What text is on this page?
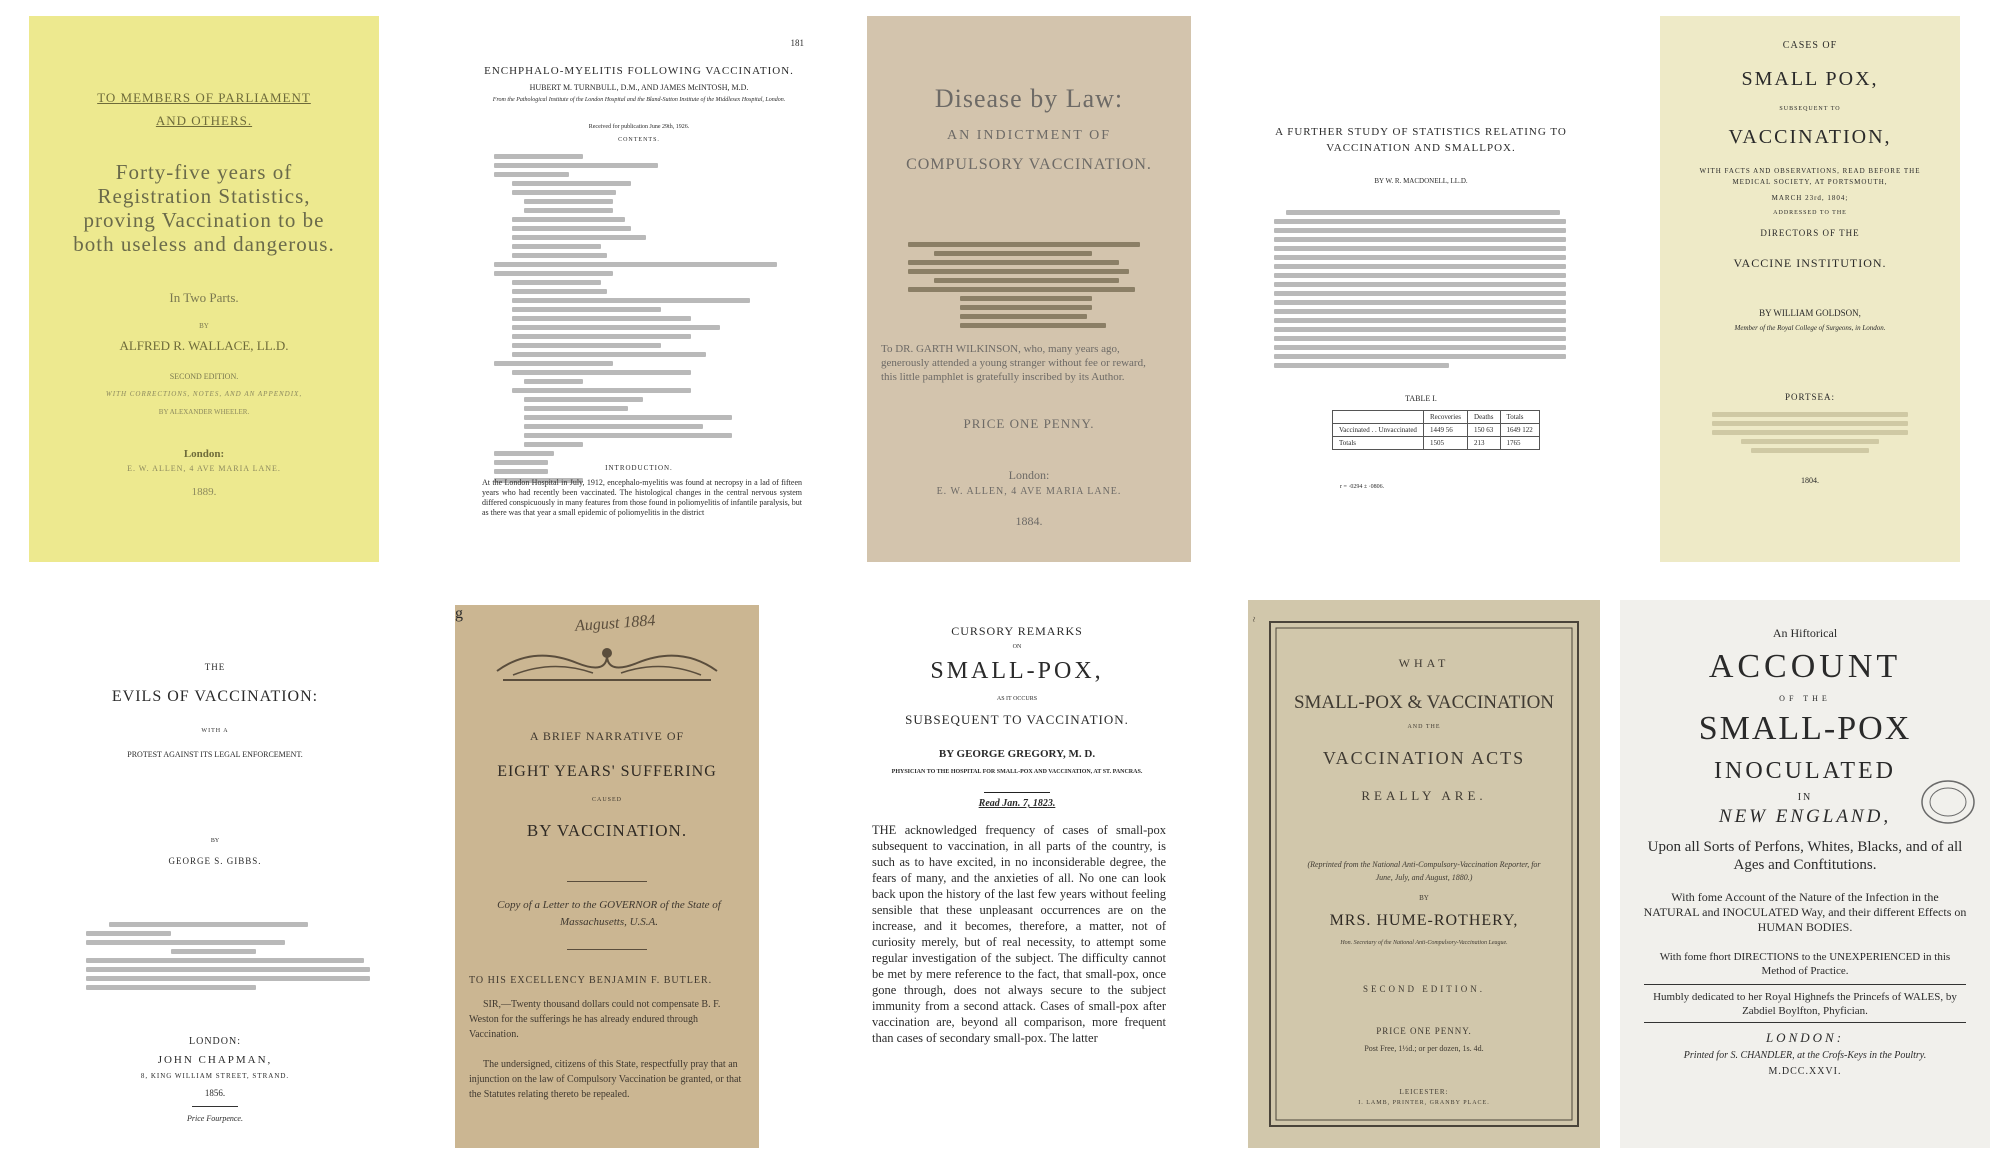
TO MEMBERS OF PARLIAMENT
AND OTHERS.
Forty-five years of Registration Statistics, proving Vaccination to be both useless and dangerous.
In Two Parts.
BY
ALFRED R. WALLACE, LL.D.
SECOND EDITION.
WITH CORRECTIONS, NOTES, AND AN APPENDIX,
BY ALEXANDER WHEELER.
London:
E. W. ALLEN, 4 AVE MARIA LANE.
1889.
181
ENCHPHALO-MYELITIS FOLLOWING VACCINATION.
HUBERT M. TURNBULL, D.M., AND JAMES McINTOSH, M.D.
From the Pathological Institute of the London Hospital and the Bland-Sutton Institute of the Middlesex Hospital, London.
Received for publication June 29th, 1926.
CONTENTS.
INTRODUCTION.
At the London Hospital in July, 1912, encephalo-myelitis was found at necropsy in a lad of fifteen years who had recently been vaccinated. The histological changes in the central nervous system differed conspicuously in many features from those found in poliomyelitis of infantile paralysis, but as there was that year a small epidemic of poliomyelitis in the district
Disease by Law:
AN INDICTMENT OF
COMPULSORY VACCINATION.
To DR. GARTH WILKINSON, who, many years ago, generously attended a young stranger without fee or reward, this little pamphlet is gratefully inscribed by its Author.
PRICE ONE PENNY.
London:
E. W. ALLEN, 4 AVE MARIA LANE.
1884.
A FURTHER STUDY OF STATISTICS RELATING TO
VACCINATION AND SMALLPOX.
BY W. R. MACDONELL, LL.D.
TABLE I.
	Recoveries	Deaths	Totals
Vaccinated . . Unvaccinated	1449 56	150 63	1649 122
Totals	1505	213	1765
r = ·0294 ± ·0806.
CASES OF
SMALL POX,
SUBSEQUENT TO
VACCINATION,
WITH FACTS AND OBSERVATIONS, READ BEFORE THE MEDICAL SOCIETY, AT PORTSMOUTH,
MARCH 23rd, 1804;
ADDRESSED TO THE
DIRECTORS OF THE
VACCINE INSTITUTION.
BY WILLIAM GOLDSON,
Member of the Royal College of Surgeons, in London.
PORTSEA:
1804.
THE
EVILS OF VACCINATION:
WITH A
PROTEST AGAINST ITS LEGAL ENFORCEMENT.
BY
GEORGE S. GIBBS.
LONDON:
JOHN CHAPMAN,
8, KING WILLIAM STREET, STRAND.
1856.
Price Fourpence.
August 1884
A BRIEF NARRATIVE OF
EIGHT YEARS' SUFFERING
CAUSED
BY VACCINATION.
Copy of a Letter to the GOVERNOR of the State of Massachusetts, U.S.A.
TO HIS EXCELLENCY BENJAMIN F. BUTLER.
SIR,—Twenty thousand dollars could not compensate B. F. Weston for the sufferings he has already endured through Vaccination.
g
The undersigned, citizens of this State, respectfully pray that an injunction on the law of Compulsory Vaccination be granted, or that the Statutes relating thereto be repealed.
CURSORY REMARKS
ON
SMALL-POX,
AS IT OCCURS
SUBSEQUENT TO VACCINATION.
BY GEORGE GREGORY, M. D.
PHYSICIAN TO THE HOSPITAL FOR SMALL-POX AND VACCINATION, AT ST. PANCRAS.
Read Jan. 7, 1823.
THE acknowledged frequency of cases of small-pox subsequent to vaccination, in all parts of the country, is such as to have excited, in no inconsiderable degree, the fears of many, and the anxieties of all. No one can look back upon the history of the last few years without feeling sensible that these unpleasant occurrences are on the increase, and it becomes, therefore, a matter, not of curiosity merely, but of real necessity, to attempt some regular investigation of the subject. The difficulty cannot be met by mere reference to the fact, that small-pox, once gone through, does not always secure to the subject immunity from a second attack. Cases of small-pox after vaccination are, beyond all comparison, more frequent than cases of secondary small-pox. The latter
~
WHAT
SMALL-POX & VACCINATION
AND THE
VACCINATION ACTS
REALLY ARE.
(Reprinted from the National Anti-Compulsory-Vaccination Reporter, for June, July, and August, 1880.)
BY
MRS. HUME-ROTHERY,
Hon. Secretary of the National Anti-Compulsory-Vaccination League.
SECOND EDITION.
PRICE ONE PENNY.
Post Free, 1½d.; or per dozen, 1s. 4d.
LEICESTER:
I. LAMB, PRINTER, GRANBY PLACE.
An Hiftorical
ACCOUNT
OF THE
SMALL-POX
INOCULATED
IN
NEW ENGLAND,
Upon all Sorts of Perfons, Whites, Blacks, and of all Ages and Conftitutions.
With fome Account of the Nature of the Infection in the NATURAL and INOCULATED Way, and their different Effects on HUMAN BODIES.
With fome fhort DIRECTIONS to the UNEXPERIENCED in this Method of Practice.
Humbly dedicated to her Royal Highnefs the Princefs of WALES, by Zabdiel Boylfton, Phyfician.
LONDON:
Printed for S. CHANDLER, at the Crofs-Keys in the Poultry.
M.DCC.XXVI.
